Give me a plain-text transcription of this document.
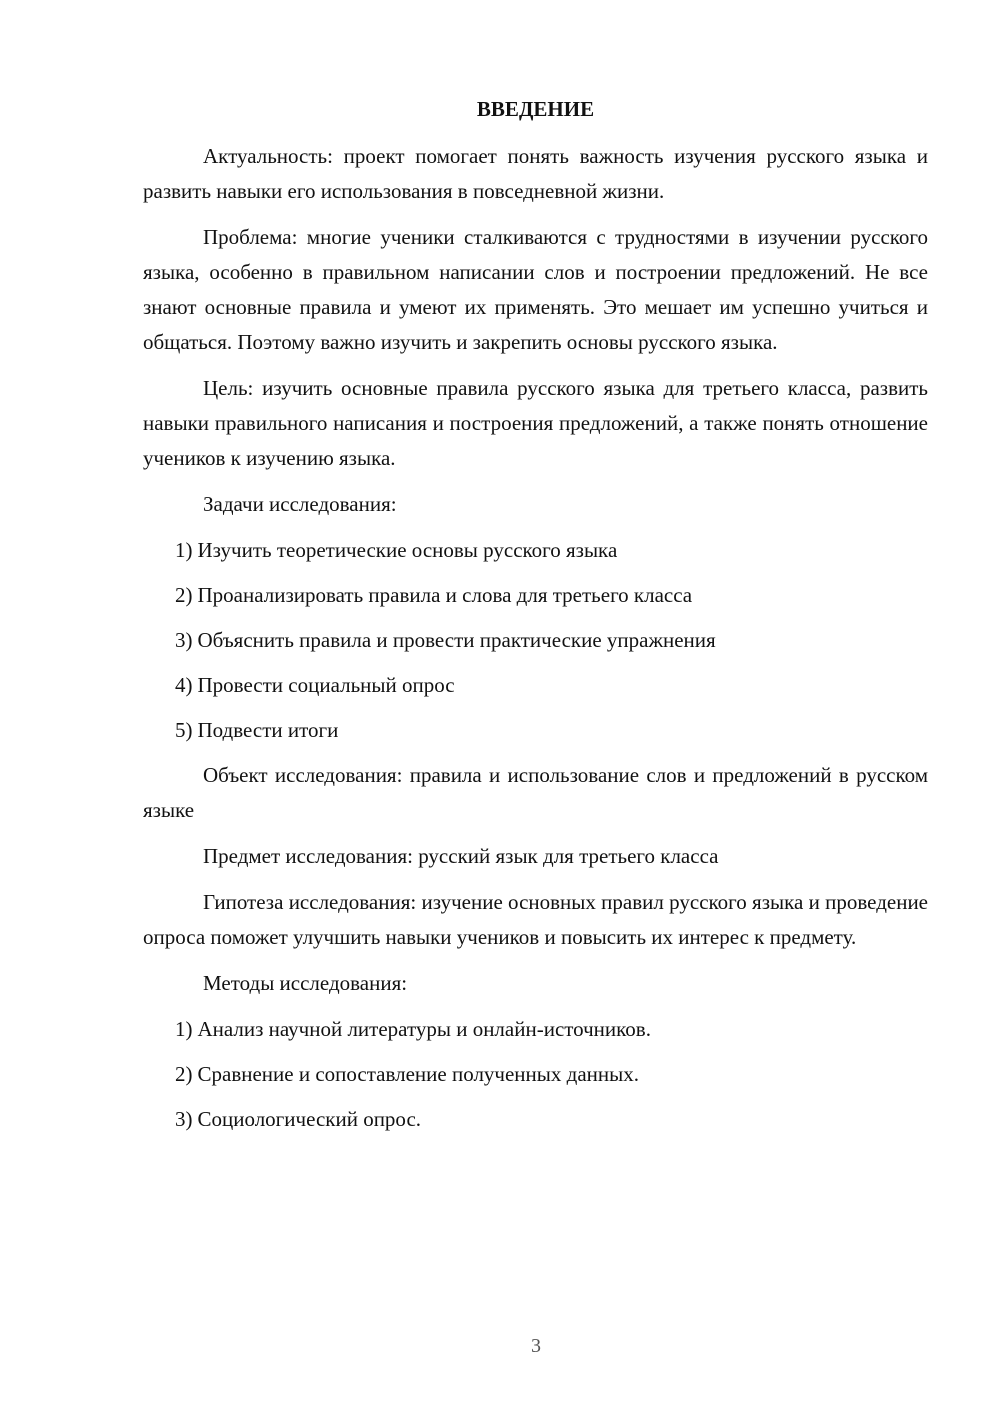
ВВЕДЕНИЕ

Актуальность: проект помогает понять важность изучения русского языка и развить навыки его использования в повседневной жизни.

Проблема: многие ученики сталкиваются с трудностями в изучении русского языка, особенно в правильном написании слов и построении предложений. Не все знают основные правила и умеют их применять. Это мешает им успешно учиться и общаться. Поэтому важно изучить и закрепить основы русского языка.

Цель: изучить основные правила русского языка для третьего класса, развить навыки правильного написания и построения предложений, а также понять отношение учеников к изучению языка.

Задачи исследования:

1) Изучить теоретические основы русского языка
2) Проанализировать правила и слова для третьего класса
3) Объяснить правила и провести практические упражнения
4) Провести социальный опрос
5) Подвести итоги

Объект исследования: правила и использование слов и предложений в русском языке

Предмет исследования: русский язык для третьего класса

Гипотеза исследования: изучение основных правил русского языка и проведение опроса поможет улучшить навыки учеников и повысить их интерес к предмету.

Методы исследования:

1) Анализ научной литературы и онлайн-источников.
2) Сравнение и сопоставление полученных данных.
3) Социологический опрос.
3
